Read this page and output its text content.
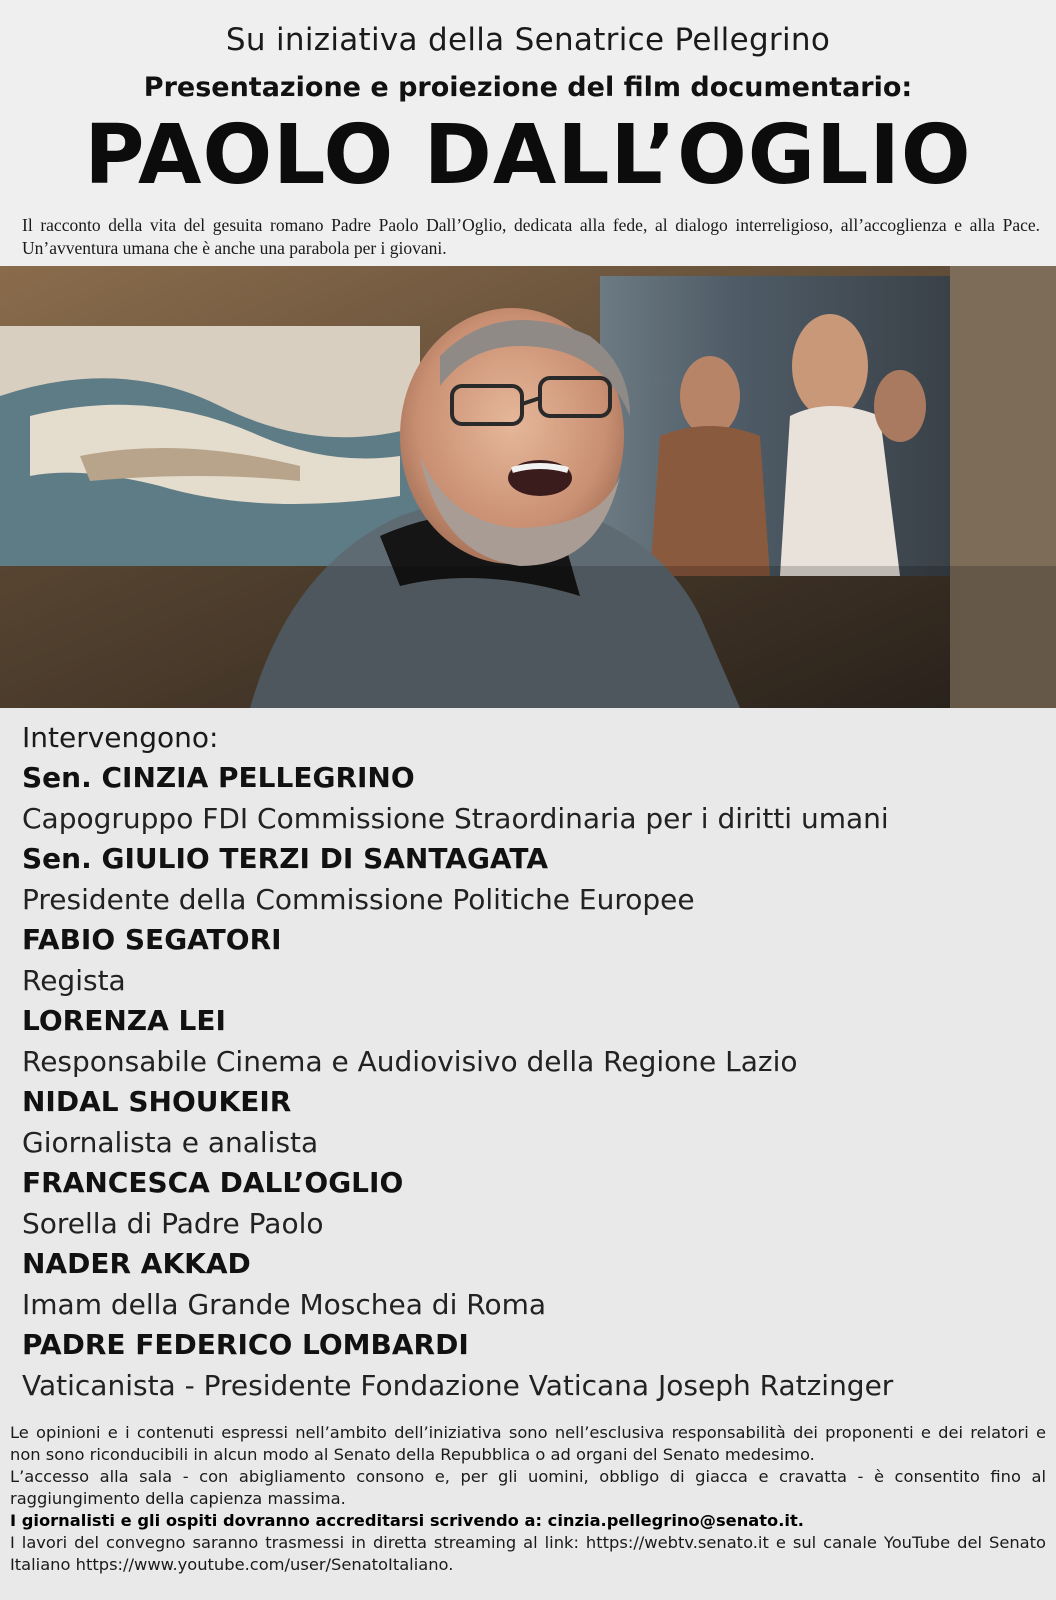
Su iniziativa della Senatrice Pellegrino
Presentazione e proiezione del film documentario:
PAOLO DALL’OGLIO
Il racconto della vita del gesuita romano Padre Paolo Dall’Oglio, dedicata alla fede, al dialogo interreligioso, all’accoglienza e alla Pace. Un’avventura umana che è anche una parabola per i giovani.
Intervengono:
Sen. CINZIA PELLEGRINO
Capogruppo FDI Commissione Straordinaria per i diritti umani
Sen. GIULIO TERZI DI SANTAGATA
Presidente della Commissione Politiche Europee
FABIO SEGATORI
Regista
LORENZA LEI
Responsabile Cinema e Audiovisivo della Regione Lazio
NIDAL SHOUKEIR
Giornalista e analista
FRANCESCA DALL’OGLIO
Sorella di Padre Paolo
NADER AKKAD
Imam della Grande Moschea di Roma
PADRE FEDERICO LOMBARDI
Vaticanista - Presidente Fondazione Vaticana Joseph Ratzinger

Le opinioni e i contenuti espressi nell’ambito dell’iniziativa sono nell’esclusiva responsabilità dei proponenti e dei relatori e non sono riconducibili in alcun modo al Senato della Repubblica o ad organi del Senato medesimo.

L’accesso alla sala - con abigliamento consono e, per gli uomini, obbligo di giacca e cravatta - è consentito fino al raggiungimento della capienza massima.

I giornalisti e gli ospiti dovranno accreditarsi scrivendo a: cinzia.pellegrino@senato.it.

I lavori del convegno saranno trasmessi in diretta streaming al link: https://webtv.senato.it e sul canale YouTube del Senato Italiano https://www.youtube.com/user/SenatoItaliano.
